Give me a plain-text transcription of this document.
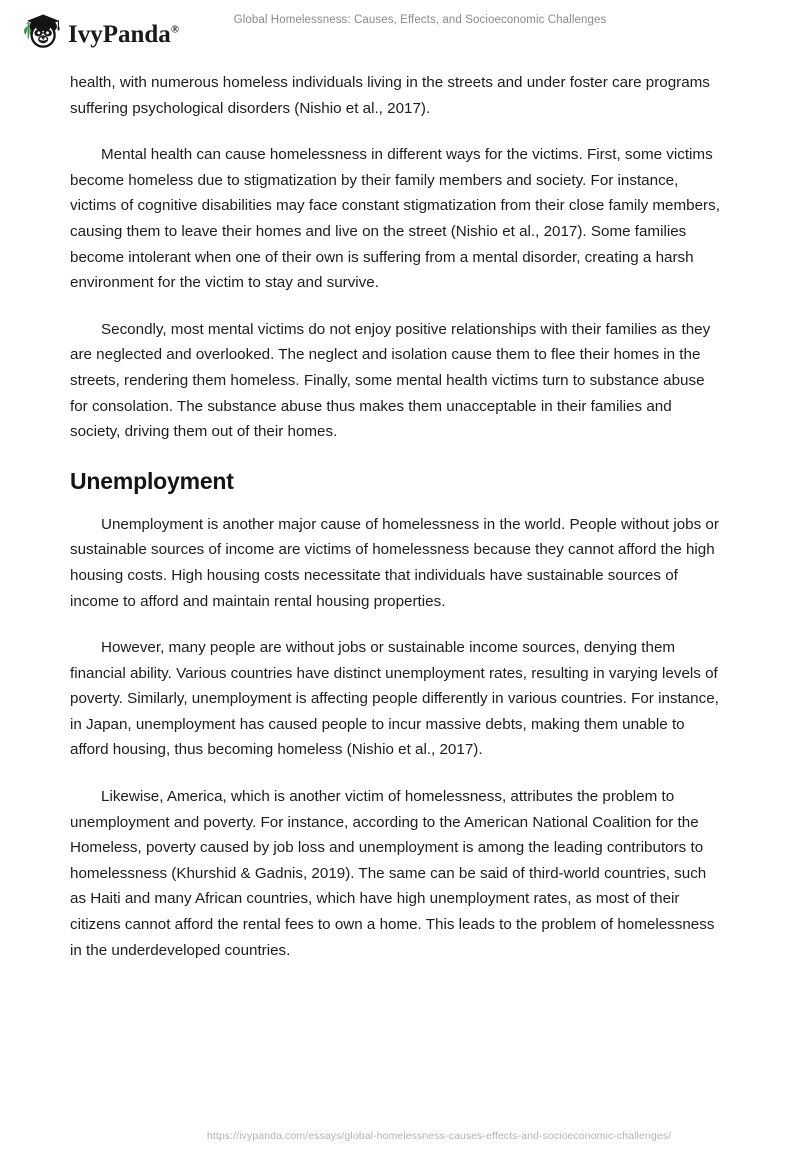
IvyPanda®
Global Homelessness: Causes, Effects, and Socioeconomic Challenges

health, with numerous homeless individuals living in the streets and under foster care programs suffering psychological disorders (Nishio et al., 2017).

Mental health can cause homelessness in different ways for the victims. First, some victims become homeless due to stigmatization by their family members and society. For instance, victims of cognitive disabilities may face constant stigmatization from their close family members, causing them to leave their homes and live on the street (Nishio et al., 2017). Some families become intolerant when one of their own is suffering from a mental disorder, creating a harsh environment for the victim to stay and survive.

Secondly, most mental victims do not enjoy positive relationships with their families as they are neglected and overlooked. The neglect and isolation cause them to flee their homes in the streets, rendering them homeless. Finally, some mental health victims turn to substance abuse for consolation. The substance abuse thus makes them unacceptable in their families and society, driving them out of their homes.

Unemployment

Unemployment is another major cause of homelessness in the world. People without jobs or sustainable sources of income are victims of homelessness because they cannot afford the high housing costs. High housing costs necessitate that individuals have sustainable sources of income to afford and maintain rental housing properties.

However, many people are without jobs or sustainable income sources, denying them financial ability. Various countries have distinct unemployment rates, resulting in varying levels of poverty. Similarly, unemployment is affecting people differently in various countries. For instance, in Japan, unemployment has caused people to incur massive debts, making them unable to afford housing, thus becoming homeless (Nishio et al., 2017).

Likewise, America, which is another victim of homelessness, attributes the problem to unemployment and poverty. For instance, according to the American National Coalition for the Homeless, poverty caused by job loss and unemployment is among the leading contributors to homelessness (Khurshid & Gadnis, 2019). The same can be said of third-world countries, such as Haiti and many African countries, which have high unemployment rates, as most of their citizens cannot afford the rental fees to own a home. This leads to the problem of homelessness in the underdeveloped countries.

https://ivypanda.com/essays/global-homelessness-causes-effects-and-socioeconomic-challenges/
